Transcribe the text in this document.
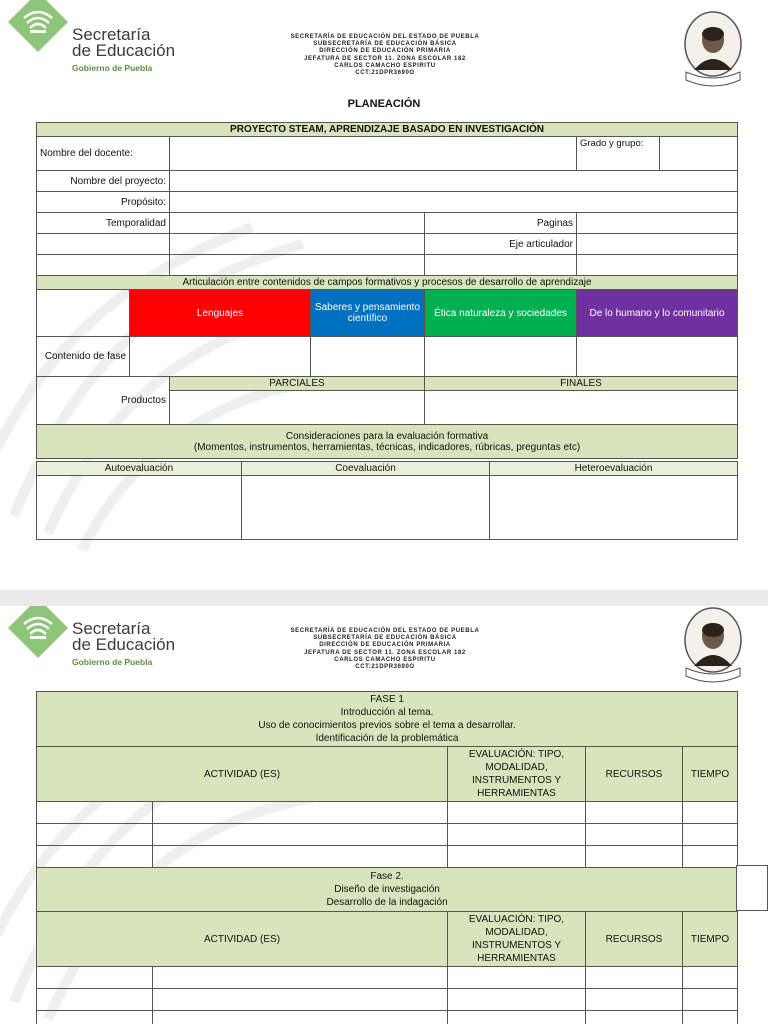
Secretaría
de Educación
Gobierno de Puebla
SECRETARÍA DE EDUCACIÓN DEL ESTADO DE PUEBLA
SUBSECRETARÍA DE EDUCACIÓN BÁSICA
DIRECCIÓN DE EDUCACIÓN PRIMARIA
JEFATURA DE SECTOR 11. ZONA ESCOLAR 182
CARLOS CAMACHO ESPIRITU
CCT:21DPR3690O
PLANEACIÓN
PROYECTO STEAM, APRENDIZAJE BASADO EN INVESTIGACIÓN						
Nombre del docente:					Grado y grupo:	
Nombre del proyecto:						
Propósito:						
Temporalidad				Paginas		
				Eje articulador		

Articulación entre contenidos de campos formativos y procesos de desarrollo de aprendizaje						
	Lenguajes		Saberes y pensamiento científico	Ética naturaleza y sociedades	De lo humano y lo comunitario	
Contenido de fase						
Productos		PARCIALES		FINALES		

Consideraciones para la evaluación formativa
(Momentos, instrumentos, herramientas, técnicas, indicadores, rúbricas, preguntas etc)						
Autoevaluación	Coevaluación	Heteroevaluación

Secretaría
de Educación
Gobierno de Puebla
SECRETARÍA DE EDUCACIÓN DEL ESTADO DE PUEBLA
SUBSECRETARÍA DE EDUCACIÓN BÁSICA
DIRECCIÓN DE EDUCACIÓN PRIMARIA
JEFATURA DE SECTOR 11. ZONA ESCOLAR 182
CARLOS CAMACHO ESPIRITU
CCT:21DPR3690O
FASE 1
Introducción al tema.
Uso de conocimientos previos sobre el tema a desarrollar.
Identificación de la problemática				

ACTIVIDAD (ES)		EVALUACIÓN: TIPO, MODALIDAD, INSTRUMENTOS Y HERRAMIENTAS	RECURSOS	TIEMPO

Fase 2.
Diseño de investigación
Desarrollo de la indagación				

ACTIVIDAD (ES)		EVALUACIÓN: TIPO, MODALIDAD, INSTRUMENTOS Y HERRAMIENTAS	RECURSOS	TIEMPO
